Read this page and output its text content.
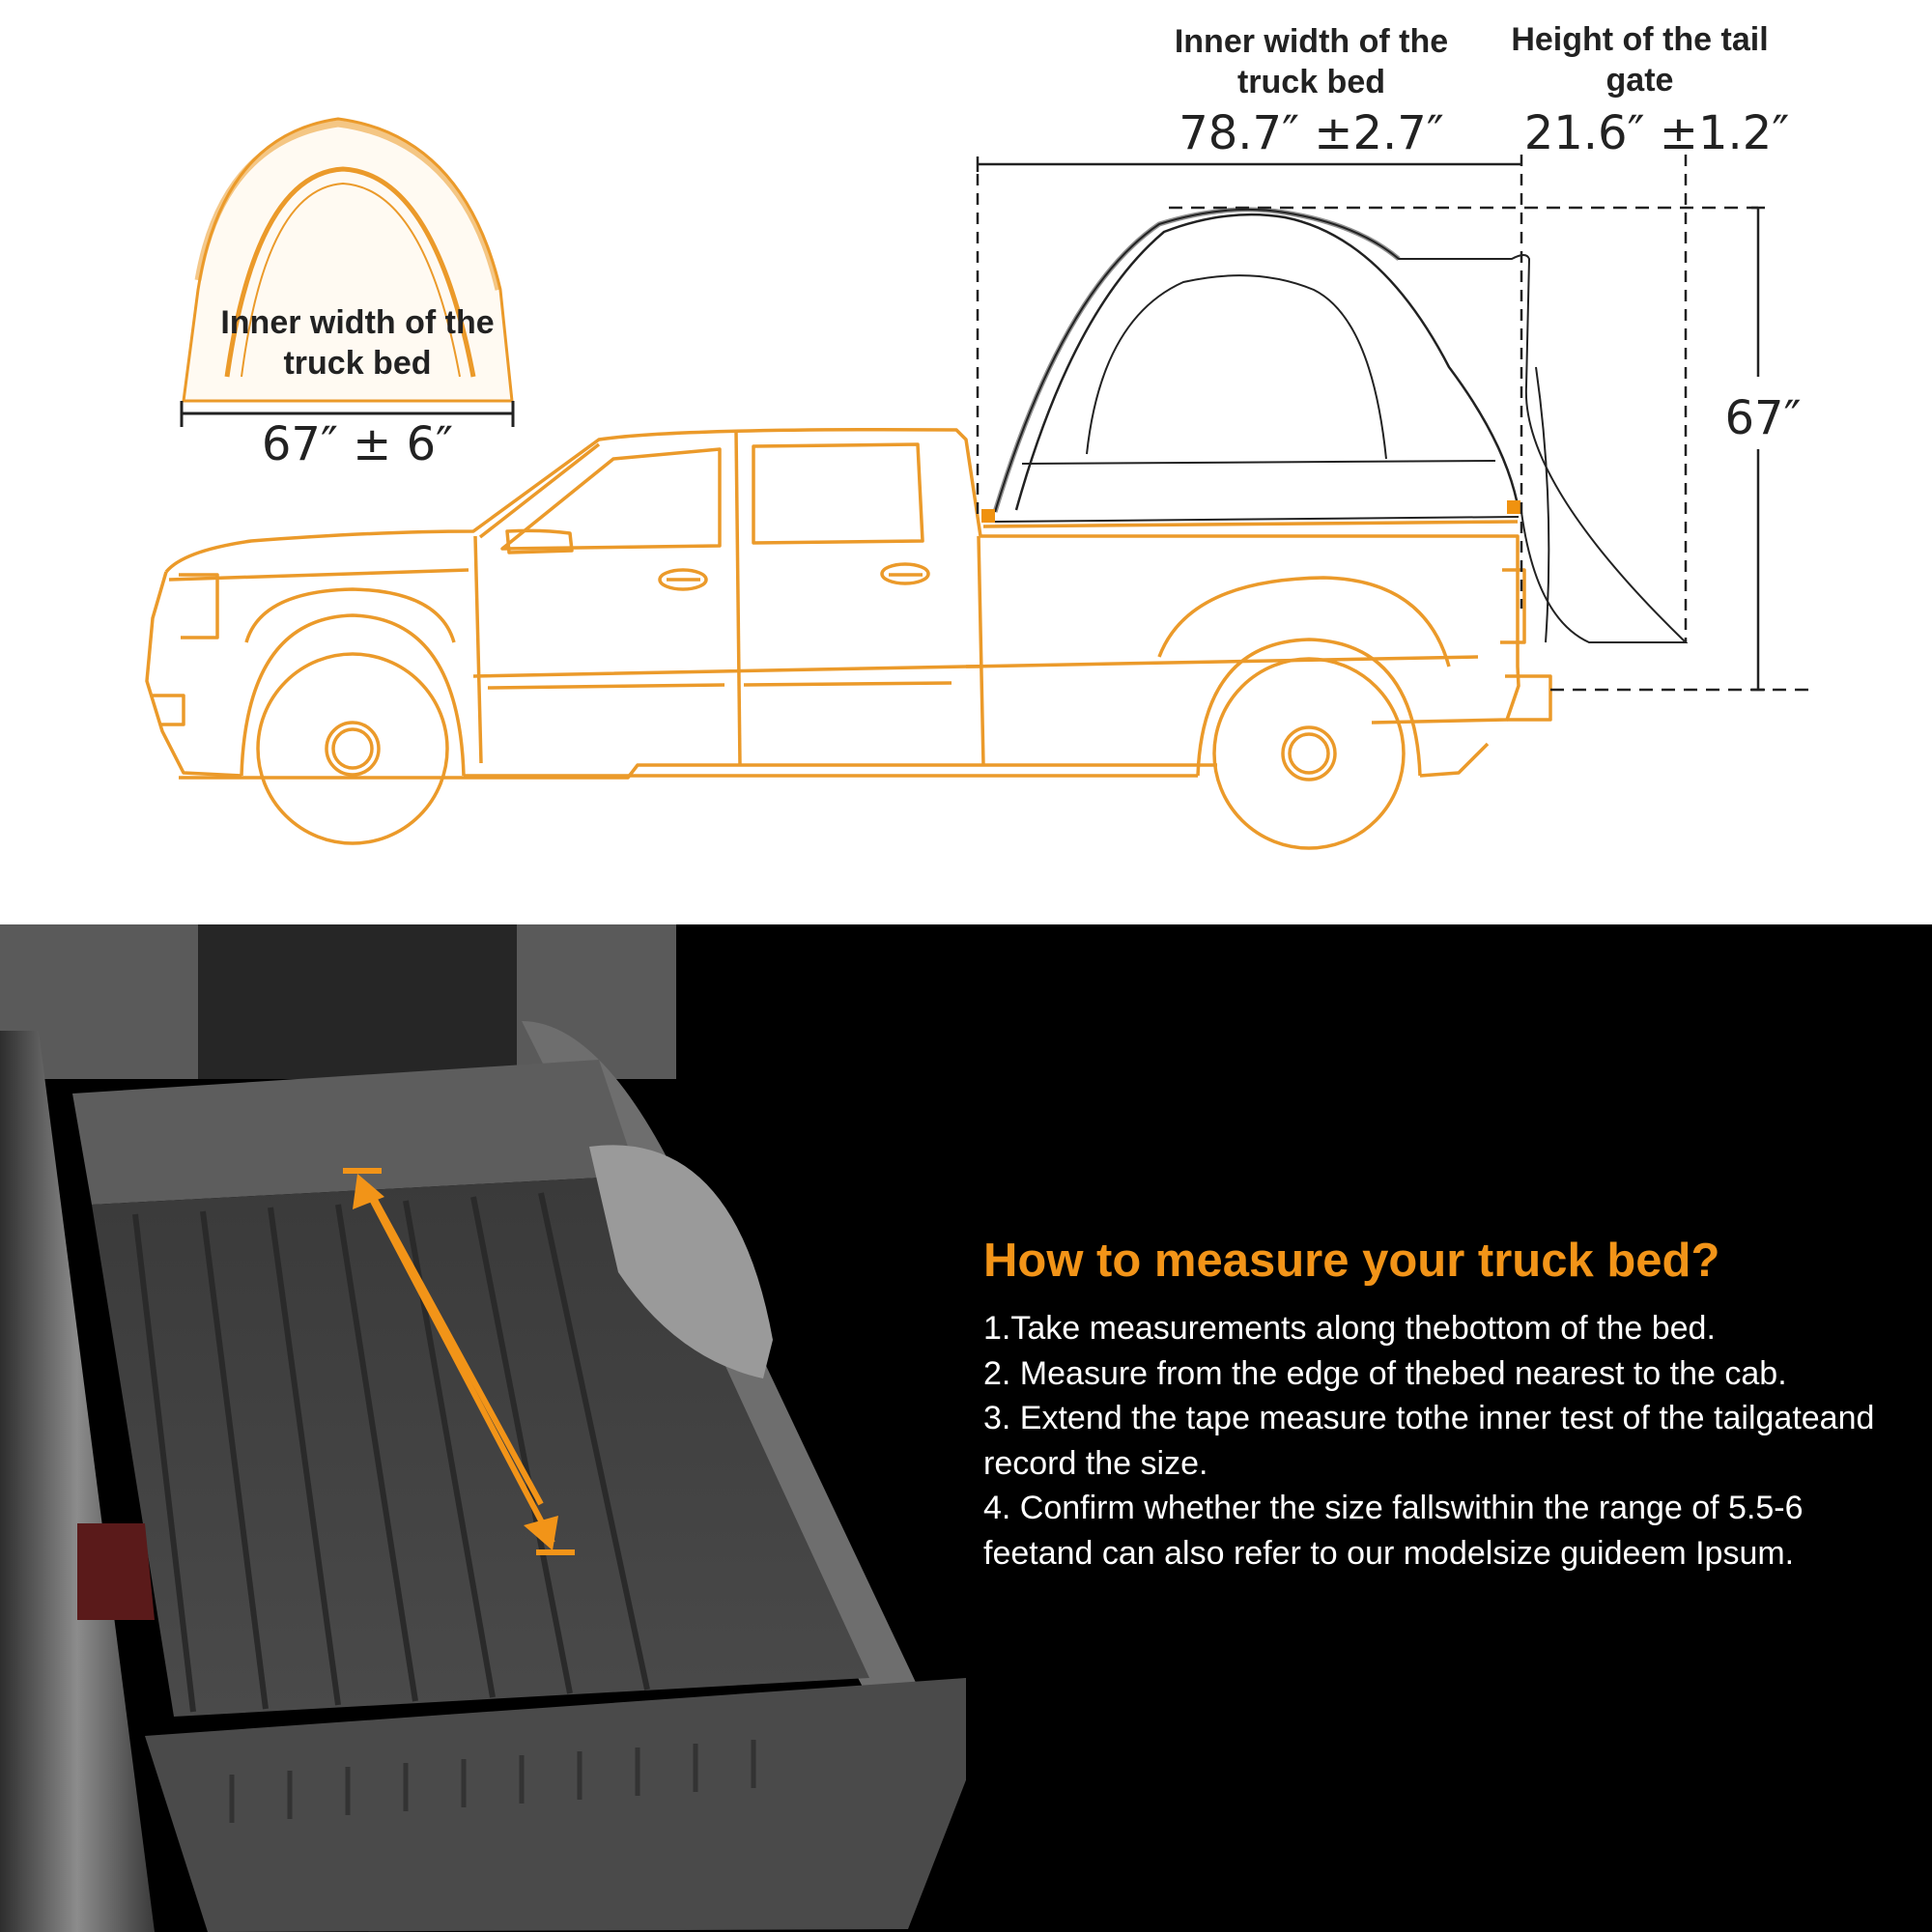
Inner width of the truck bed
67″ ± 6″
Inner width of the truck bed
78.7″ ±2.7″
Height of the tail gate
21.6″ ±1.2″
67″
How to measure your truck bed?

1.Take measurements along thebottom of the bed.

2. Measure from the edge of thebed nearest to the cab.

3. Extend the tape measure tothe inner test of the tailgateand record the size.

4. Confirm whether the size fallswithin the range of 5.5-6 feetand can also refer to our modelsize guideem Ipsum.
